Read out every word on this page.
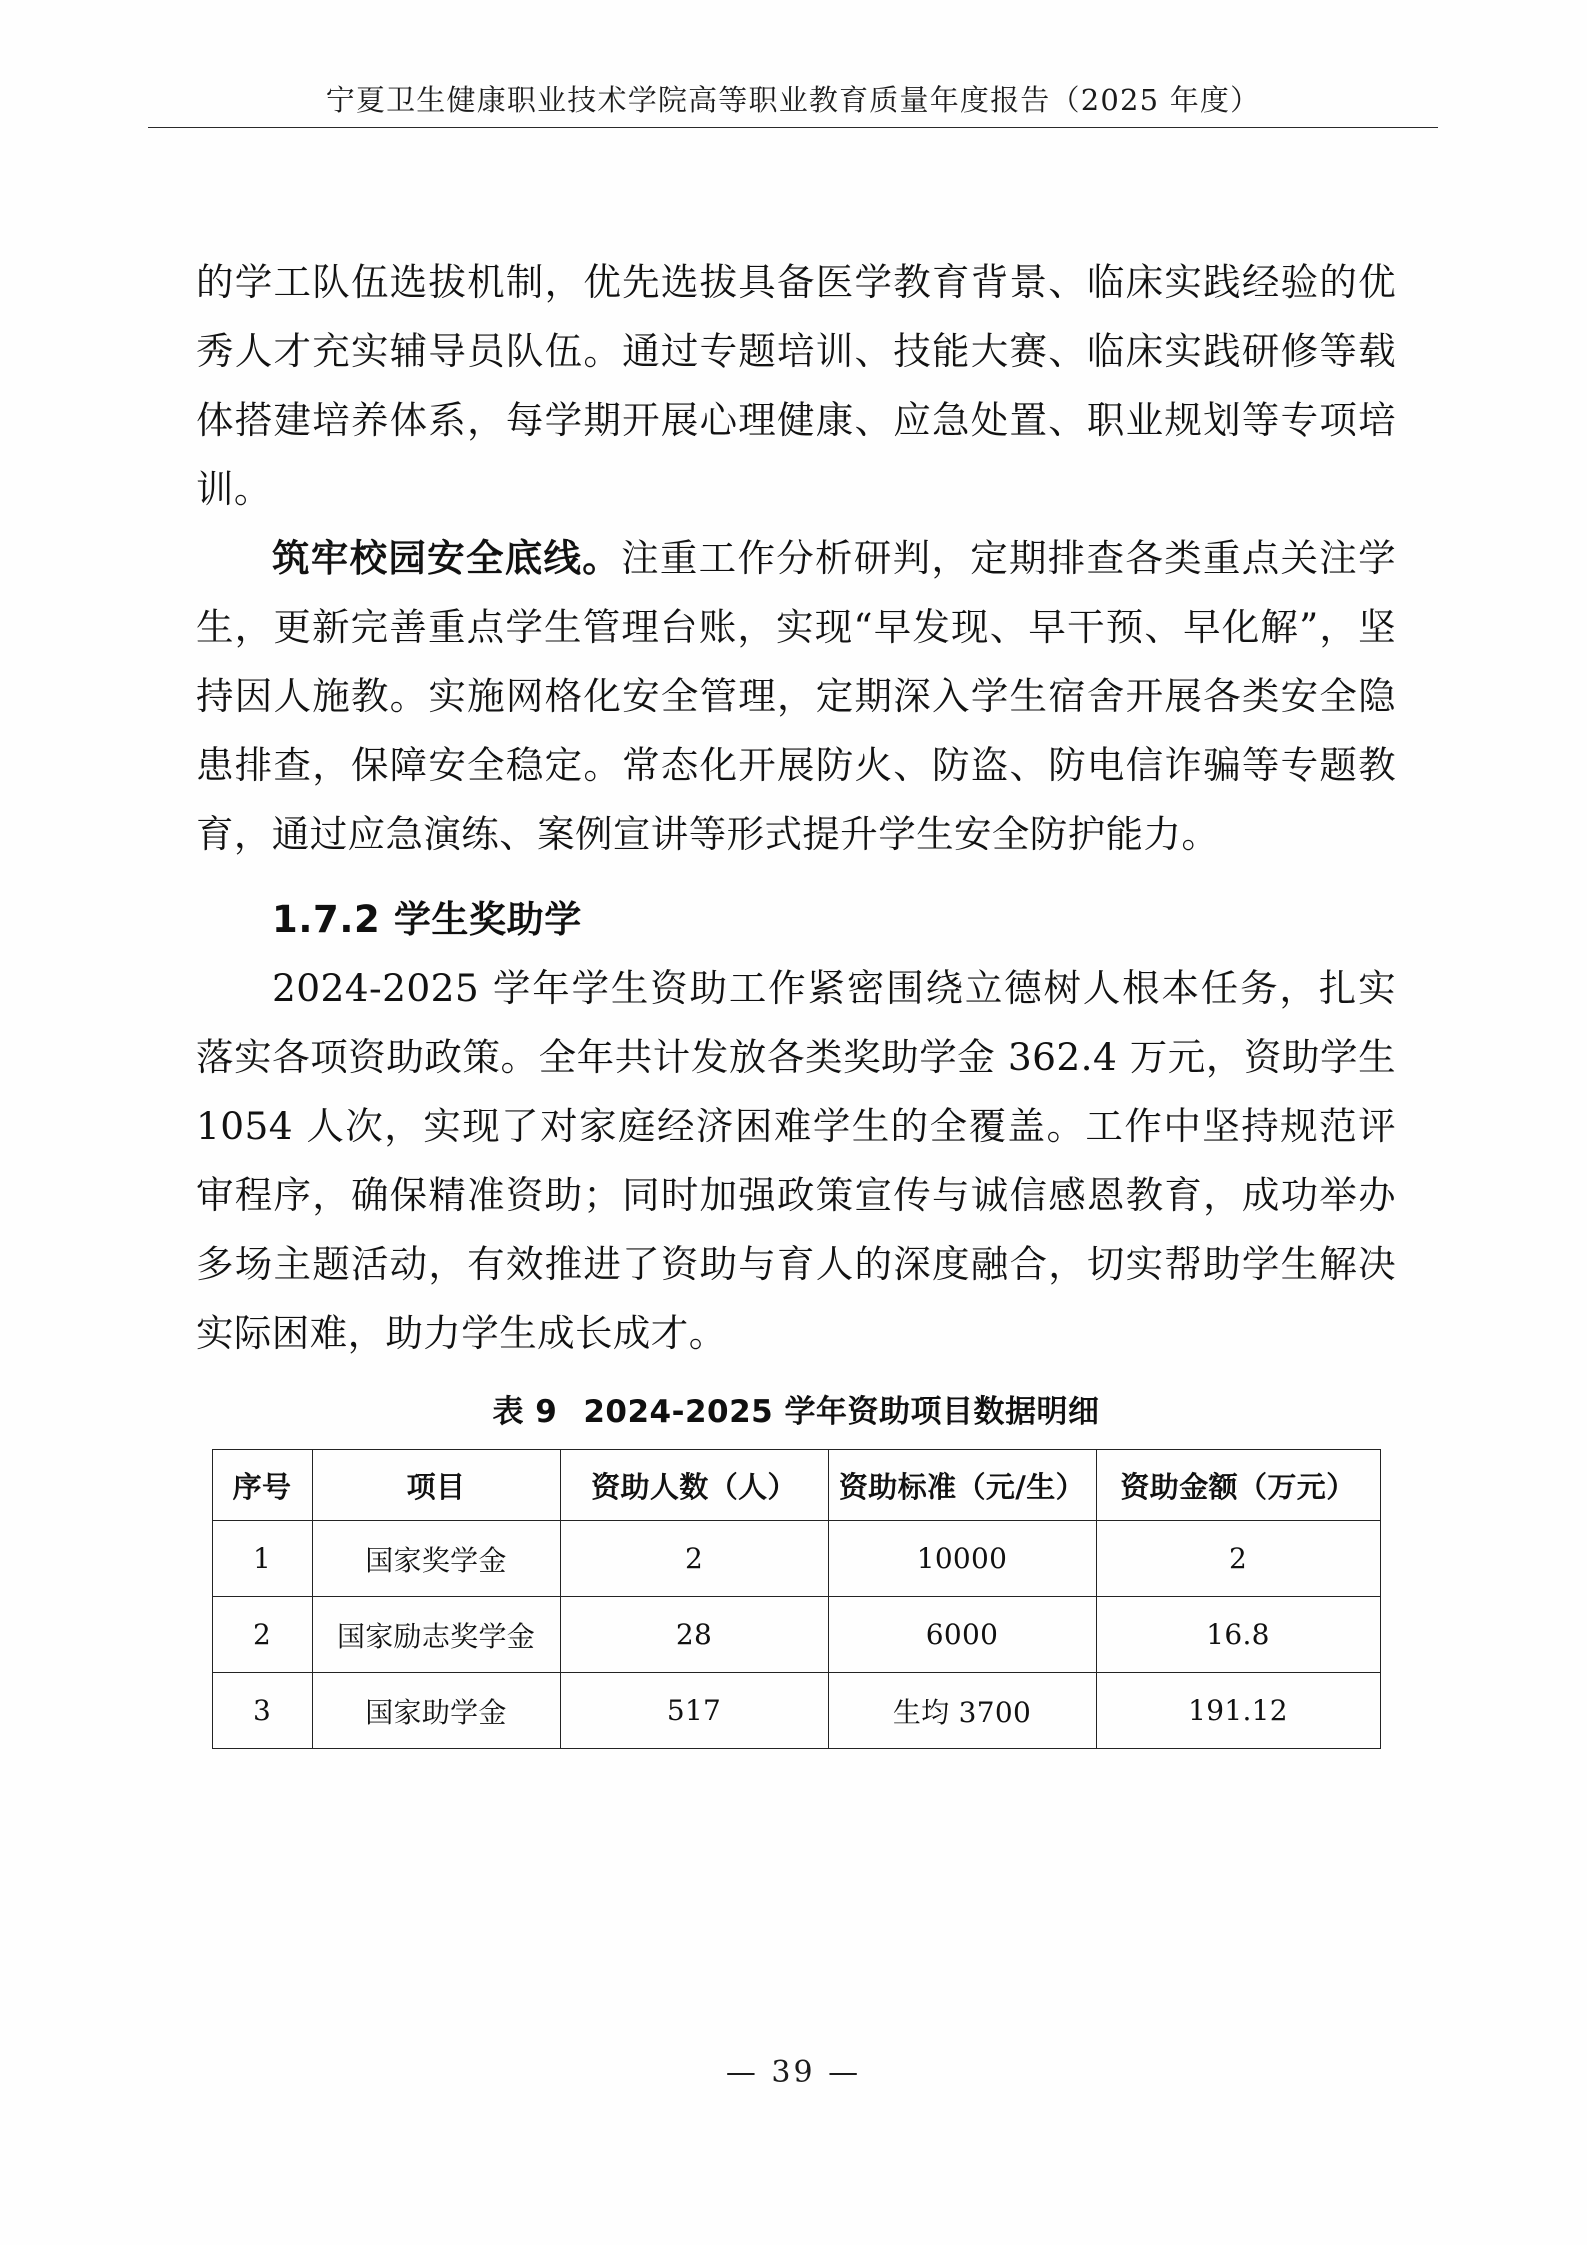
宁夏卫生健康职业技术学院高等职业教育质量年度报告（2025 年度）

的学工队伍选拔机制，优先选拔具备医学教育背景、临床实践经验的优秀人才充实辅导员队伍。通过专题培训、技能大赛、临床实践研修等载体搭建培养体系，每学期开展心理健康、应急处置、职业规划等专项培训。

筑牢校园安全底线。注重工作分析研判，定期排查各类重点关注学生，更新完善重点学生管理台账，实现“早发现、早干预、早化解”，坚持因人施教。实施网格化安全管理，定期深入学生宿舍开展各类安全隐患排查，保障安全稳定。常态化开展防火、防盗、防电信诈骗等专题教育，通过应急演练、案例宣讲等形式提升学生安全防护能力。

1.7.2 学生奖助学

2024-2025 学年学生资助工作紧密围绕立德树人根本任务，扎实落实各项资助政策。全年共计发放各类奖助学金 362.4 万元，资助学生 1054 人次，实现了对家庭经济困难学生的全覆盖。工作中坚持规范评审程序，确保精准资助；同时加强政策宣传与诚信感恩教育，成功举办多场主题活动，有效推进了资助与育人的深度融合，切实帮助学生解决实际困难，助力学生成长成才。

表 9 2024-2025 学年资助项目数据明细
序号	项目	资助人数（人）	资助标准（元/生）	资助金额（万元）
1	国家奖学金	2	10000	2
2	国家励志奖学金	28	6000	16.8
3	国家助学金	517	生均 3700	191.12
— 39 —
